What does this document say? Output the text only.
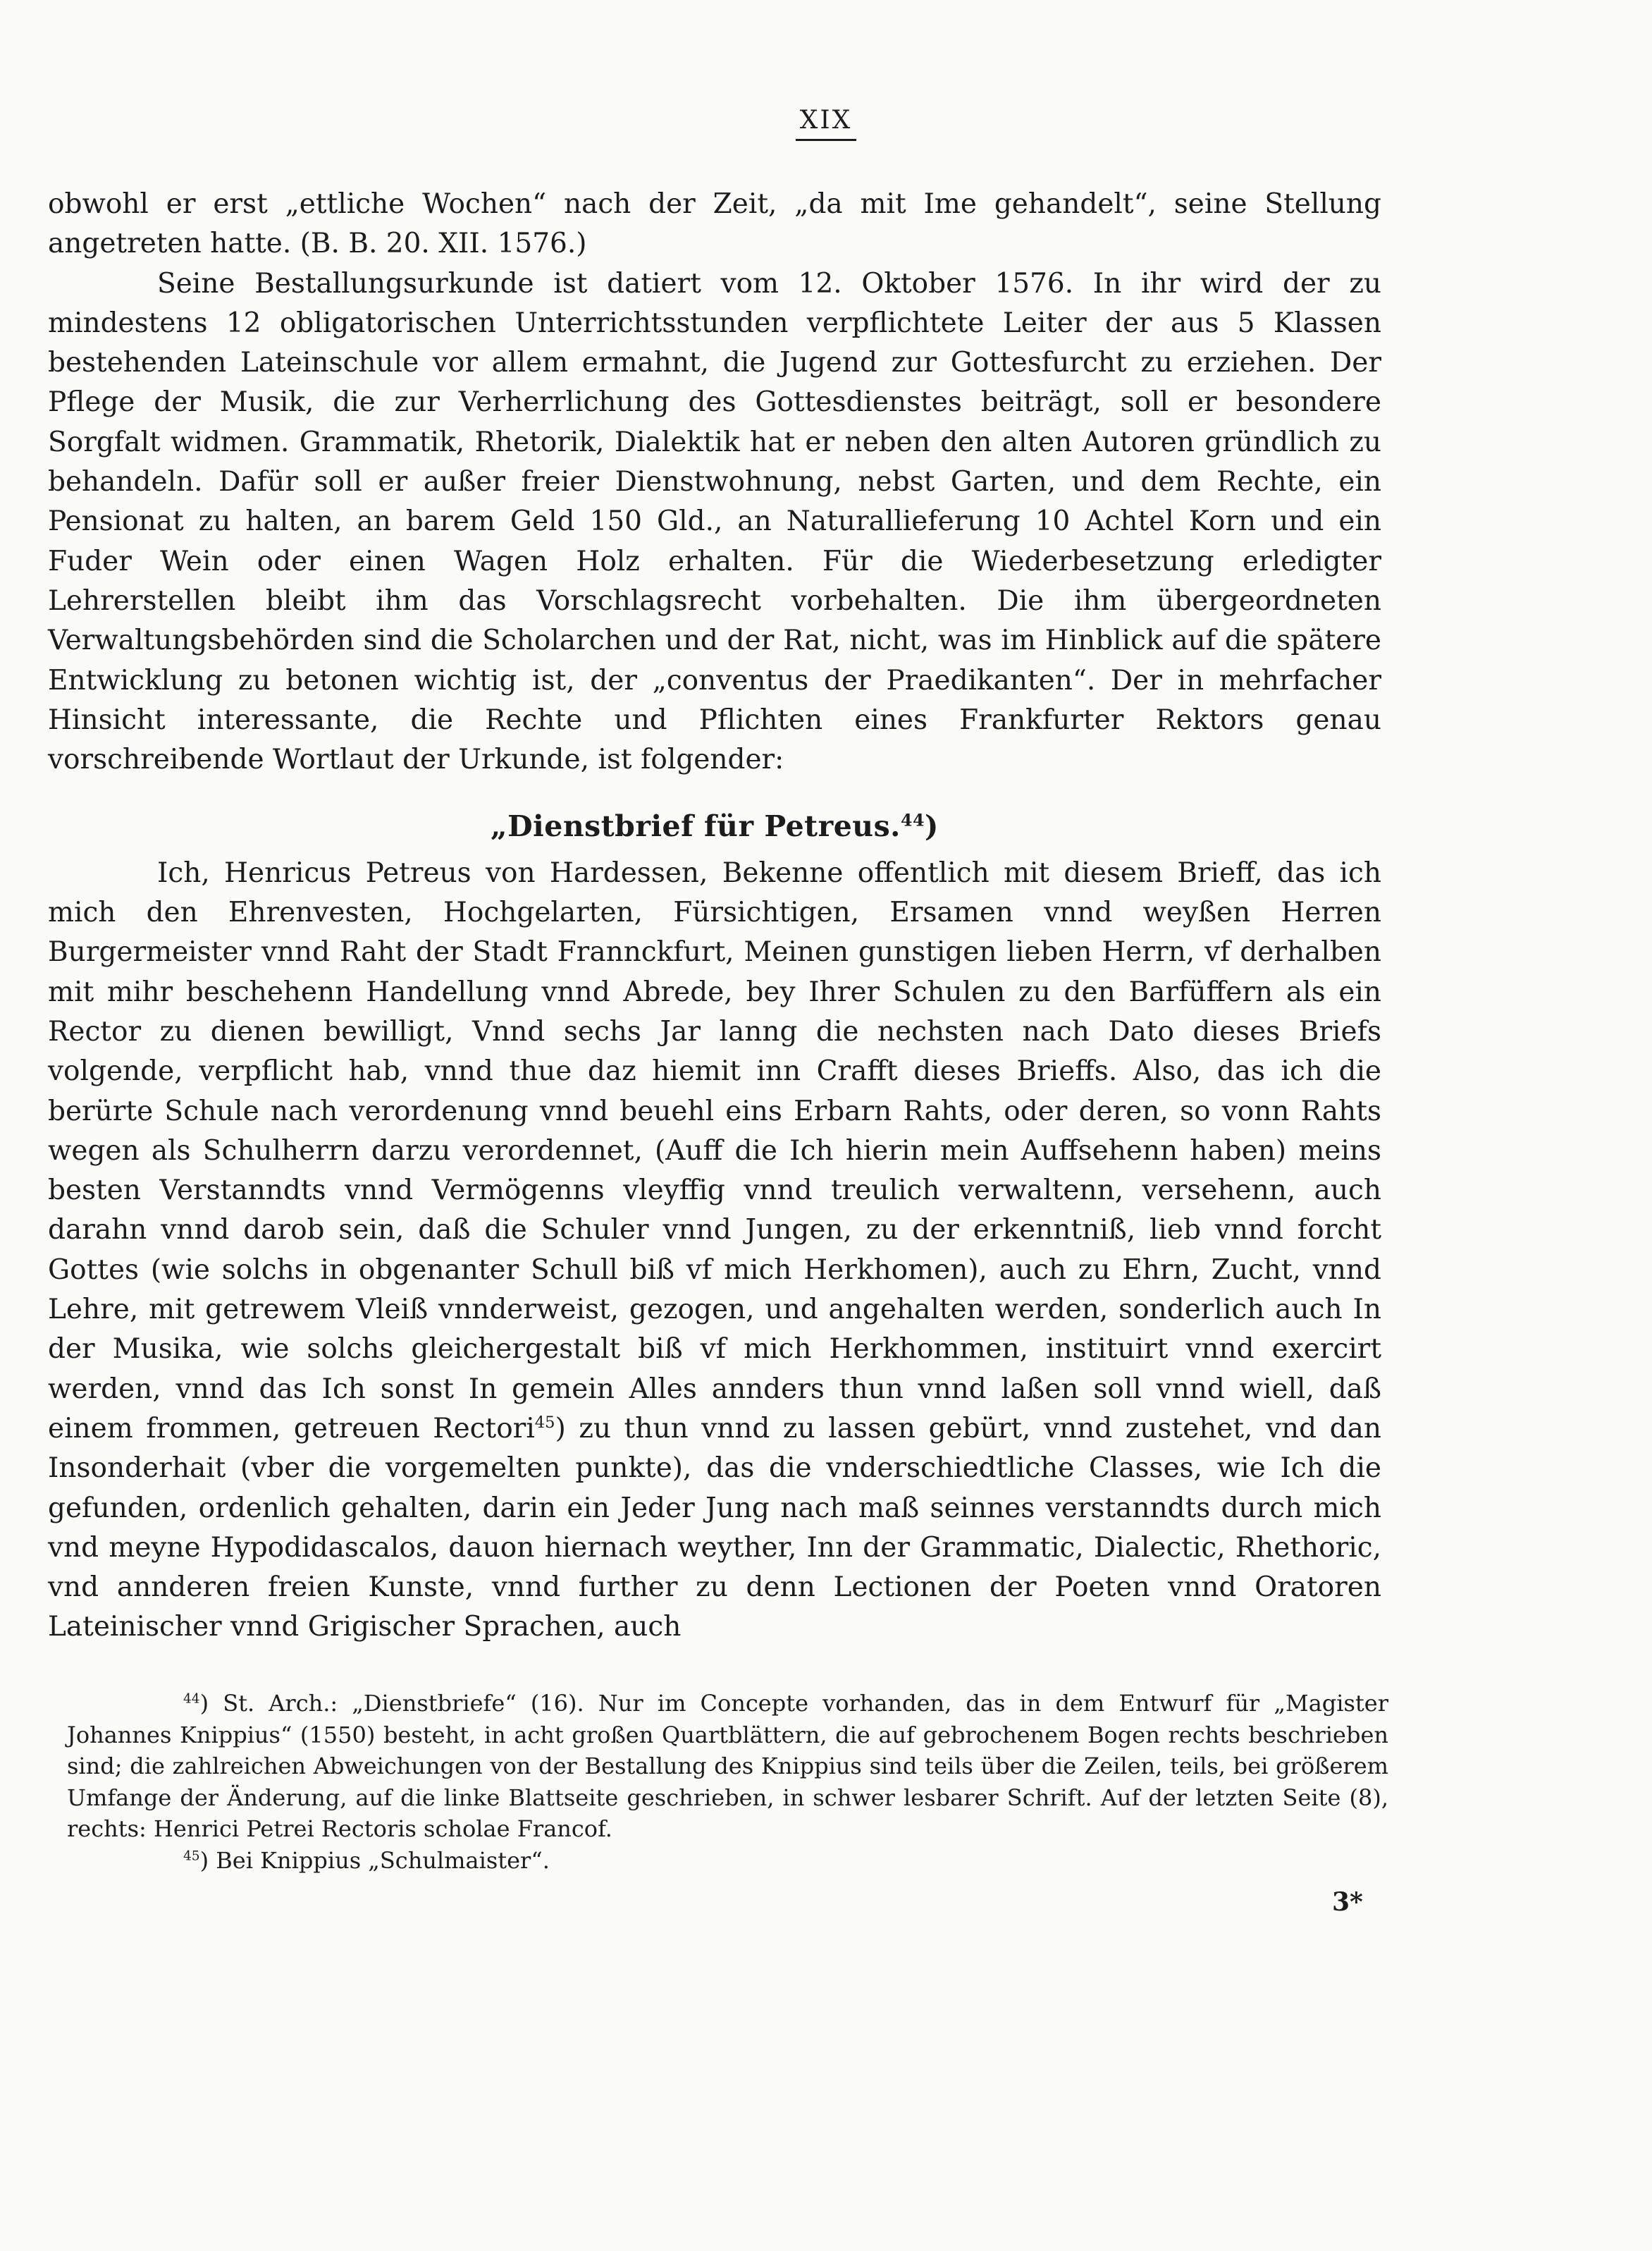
XIX

obwohl er erst „ettliche Wochen“ nach der Zeit, „da mit Ime gehandelt“, seine Stellung angetreten hatte. (B. B. 20. XII. 1576.)

Seine Bestallungsurkunde ist datiert vom 12. Oktober 1576. In ihr wird der zu mindestens 12 obligatorischen Unterrichtsstunden verpflichtete Leiter der aus 5 Klassen bestehenden Lateinschule vor allem ermahnt, die Jugend zur Gottesfurcht zu erziehen. Der Pflege der Musik, die zur Verherrlichung des Gottesdienstes beiträgt, soll er besondere Sorgfalt widmen. Grammatik, Rhetorik, Dialektik hat er neben den alten Autoren gründlich zu behandeln. Dafür soll er außer freier Dienstwohnung, nebst Garten, und dem Rechte, ein Pensionat zu halten, an barem Geld 150 Gld., an Naturallieferung 10 Achtel Korn und ein Fuder Wein oder einen Wagen Holz erhalten. Für die Wiederbesetzung erledigter Lehrerstellen bleibt ihm das Vorschlagsrecht vorbehalten. Die ihm übergeordneten Verwaltungsbehörden sind die Scholarchen und der Rat, nicht, was im Hinblick auf die spätere Entwicklung zu betonen wichtig ist, der „conventus der Praedikanten“. Der in mehrfacher Hinsicht interessante, die Rechte und Pflichten eines Frankfurter Rektors genau vorschreibende Wortlaut der Urkunde, ist folgender:

„Dienstbrief für Petreus.$^{44}$)

Ich, Henricus Petreus von Hardessen, Bekenne offentlich mit diesem Brieff, das ich mich den Ehrenvesten, Hochgelarten, Fürsichtigen, Ersamen vnnd weyßen Herren Burgermeister vnnd Raht der Stadt Frannckfurt, Meinen gunstigen lieben Herrn, vf derhalben mit mihr beschehenn Handellung vnnd Abrede, bey Ihrer Schulen zu den Barfüffern als ein Rector zu dienen bewilligt, Vnnd sechs Jar lanng die nechsten nach Dato dieses Briefs volgende, verpflicht hab, vnnd thue daz hiemit inn Crafft dieses Brieffs. Also, das ich die berürte Schule nach verordenung vnnd beuehl eins Erbarn Rahts, oder deren, so vonn Rahts wegen als Schulherrn darzu verordennet, (Auff die Ich hierin mein Auffsehenn haben) meins besten Verstanndts vnnd Vermögenns vleyffig vnnd treulich verwaltenn, versehenn, auch darahn vnnd darob sein, daß die Schuler vnnd Jungen, zu der erkenntniß, lieb vnnd forcht Gottes (wie solchs in obgenanter Schull biß vf mich Herkhomen), auch zu Ehrn, Zucht, vnnd Lehre, mit getrewem Vleiß vnnderweist, gezogen, und angehalten werden, sonderlich auch In der Musika, wie solchs gleichergestalt biß vf mich Herkhommen, instituirt vnnd exercirt werden, vnnd das Ich sonst In gemein Alles annders thun vnnd laßen soll vnnd wiell, daß einem frommen, getreuen Rectori$^{45}$) zu thun vnnd zu lassen gebürt, vnnd zustehet, vnd dan Insonderhait (vber die vorgemelten punkte), das die vnderschiedtliche Classes, wie Ich die gefunden, ordenlich gehalten, darin ein Jeder Jung nach maß seinnes verstanndts durch mich vnd meyne Hypodidascalos, dauon hiernach weyther, Inn der Grammatic, Dialectic, Rhethoric, vnd annderen freien Kunste, vnnd further zu denn Lectionen der Poeten vnnd Oratoren Lateinischer vnnd Grigischer Sprachen, auch

$^{44}$) St. Arch.: „Dienstbriefe“ (16). Nur im Concepte vorhanden, das in dem Entwurf für „Magister Johannes Knippius“ (1550) besteht, in acht großen Quartblättern, die auf gebrochenem Bogen rechts beschrieben sind; die zahlreichen Abweichungen von der Bestallung des Knippius sind teils über die Zeilen, teils, bei größerem Umfange der Änderung, auf die linke Blattseite geschrieben, in schwer lesbarer Schrift. Auf der letzten Seite (8), rechts: Henrici Petrei Rectoris scholae Francof.

$^{45}$) Bei Knippius „Schulmaister“.

3*
